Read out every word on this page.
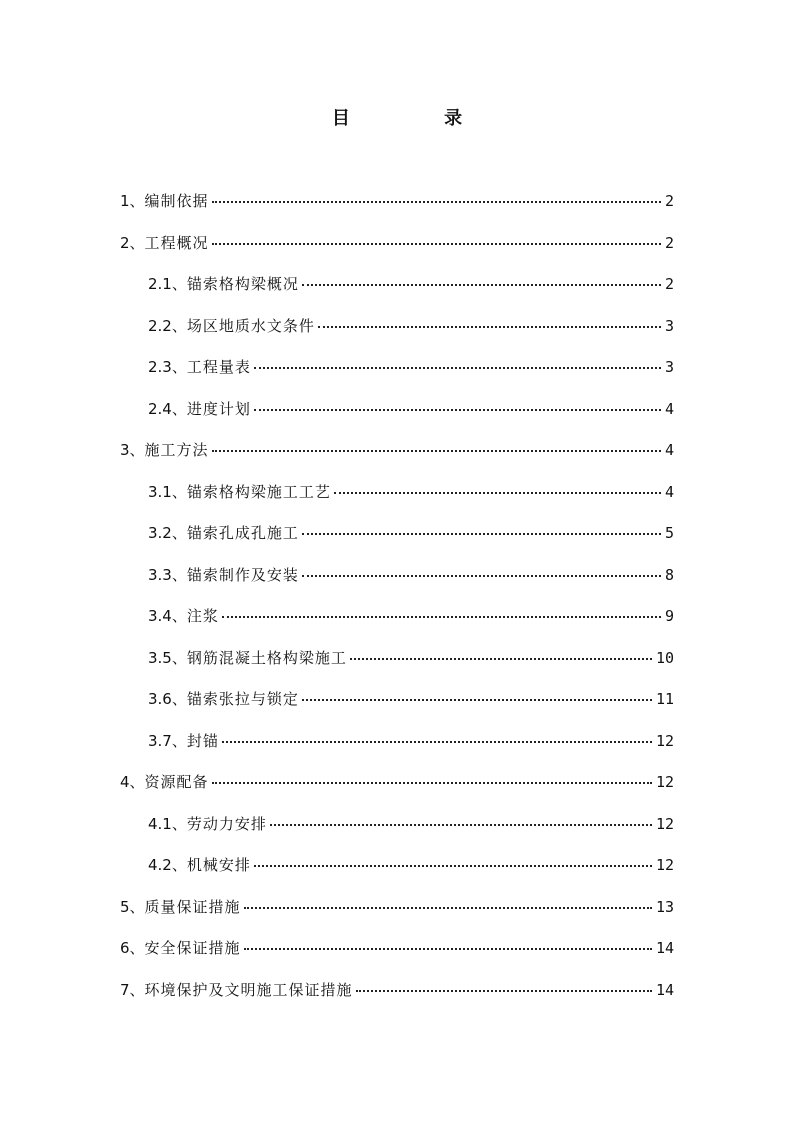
目 录
1、 编制依据	2
2、 工程概况	2
2.1、 锚索格构梁概况	2
2.2、 场区地质水文条件	3
2.3、 工程量表	3
2.4、 进度计划	4
3、 施工方法	4
3.1、 锚索格构梁施工工艺	4
3.2、 锚索孔成孔施工	5
3.3、 锚索制作及安装	8
3.4、 注浆	9
3.5、 钢筋混凝土格构梁施工	10
3.6、 锚索张拉与锁定	11
3.7、 封锚	12
4、 资源配备	12
4.1、 劳动力安排	12
4.2、 机械安排	12
5、 质量保证措施	13
6、 安全保证措施	14
7、 环境保护及文明施工保证措施	14
